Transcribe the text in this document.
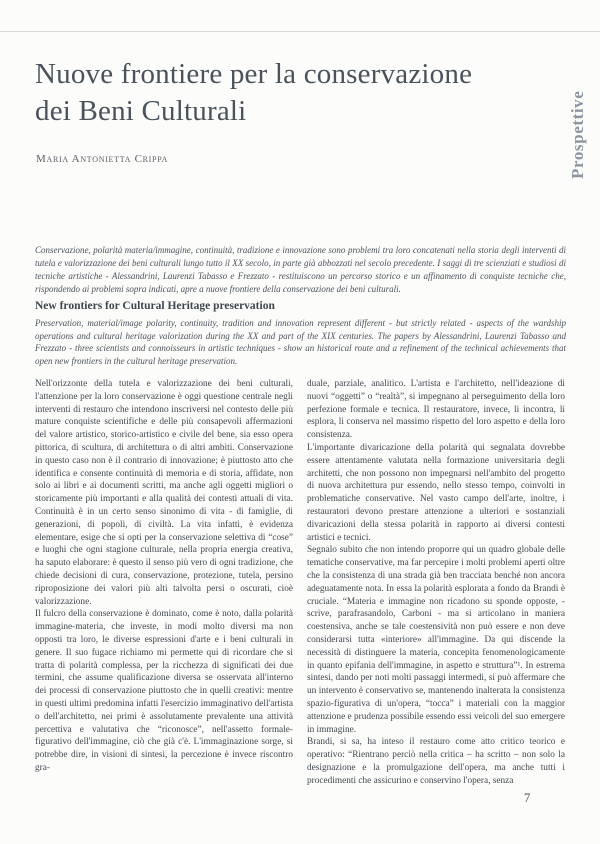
Prospettive
Nuove frontiere per la conservazione
dei Beni Culturali
Maria Antonietta Crippa
Conservazione, polarità materia/immagine, continuità, tradizione e innovazione sono problemi tra loro concatenati nella storia degli interventi di tutela e valorizzazione dei beni culturali lungo tutto il XX secolo, in parte già abbozzati nel secolo precedente. I saggi di tre scienziati e studiosi di tecniche artistiche - Alessandrini, Laurenzi Tabasso e Frezzato - restituiscono un percorso storico e un affinamento di conquiste tecniche che, rispondendo ai problemi sopra indicati, apre a nuove frontiere della conservazione dei beni culturali.
New frontiers for Cultural Heritage preservation
Preservation, material/image polarity, continuity, tradition and innovation represent different - but strictly related - aspects of the wardship operations and cultural heritage valorization during the XX and part of the XIX centuries. The papers by Alessandrini, Laurenzi Tabasso and Frezzato - three scientists and connoisseurs in artistic techniques - show an historical route and a refinement of the technical achievements that open new frontiers in the cultural heritage preservation.

Nell'orizzonte della tutela e valorizzazione dei beni culturali, l'attenzione per la loro conservazione è oggi questione centrale negli interventi di restauro che intendono inscriversi nel contesto delle più mature conquiste scientifiche e delle più consapevoli affermazioni del valore artistico, storico-artistico e civile del bene, sia esso opera pittorica, di scultura, di architettura o di altri ambiti. Conservazione in questo caso non è il contrario di innovazione; è piuttosto atto che identifica e consente continuità di memoria e di storia, affidate, non solo ai libri e ai documenti scritti, ma anche agli oggetti migliori o storicamente più importanti e alla qualità dei contesti attuali di vita. Continuità è in un certo senso sinonimo di vita - di famiglie, di generazioni, di popoli, di civiltà. La vita infatti, è evidenza elementare, esige che si opti per la conservazione selettiva di “cose” e luoghi che ogni stagione culturale, nella propria energia creativa, ha saputo elaborare: è questo il senso più vero di ogni tradizione, che chiede decisioni di cura, conservazione, protezione, tutela, persino riproposizione dei valori più alti talvolta persi o oscurati, cioè valorizzazione.

Il fulcro della conservazione è dominato, come è noto, dalla polarità immagine-materia, che investe, in modi molto diversi ma non opposti tra loro, le diverse espressioni d'arte e i beni culturali in genere. Il suo fugace richiamo mi permette qui di ricordare che si tratta di polarità complessa, per la ricchezza di significati dei due termini, che assume qualificazione diversa se osservata all'interno dei processi di conservazione piuttosto che in quelli creativi: mentre in questi ultimi predomina infatti l'esercizio immaginativo dell'artista o dell'architetto, nei primi è assolutamente prevalente una attività percettiva e valutativa che “riconosce”, nell'assetto formale-figurativo dell'immagine, ciò che già c'è. L'immaginazione sorge, si potrebbe dire, in visioni di sintesi, la percezione è invece riscontro gra-

duale, parziale, analitico. L'artista e l'architetto, nell'ideazione di nuovi “oggetti” o “realtà”, si impegnano al perseguimento della loro perfezione formale e tecnica. Il restauratore, invece, li incontra, li esplora, li conserva nel massimo rispetto del loro aspetto e della loro consistenza.

L'importante divaricazione della polarità qui segnalata dovrebbe essere attentamente valutata nella formazione universitaria degli architetti, che non possono non impegnarsi nell'ambito del progetto di nuova architettura pur essendo, nello stesso tempo, coinvolti in problematiche conservative. Nel vasto campo dell'arte, inoltre, i restauratori devono prestare attenzione a ulteriori e sostanziali divaricazioni della stessa polarità in rapporto ai diversi contesti artistici e tecnici.

Segnalo subito che non intendo proporre qui un quadro globale delle tematiche conservative, ma far percepire i molti problemi aperti oltre che la consistenza di una strada già ben tracciata benché non ancora adeguatamente nota. In essa la polarità esplorata a fondo da Brandi è cruciale. “Materia e immagine non ricadono su sponde opposte, - scrive, parafrasandolo, Carboni - ma si articolano in maniera coestensiva, anche se tale coestensività non può essere e non deve considerarsi tutta «interiore» all'immagine. Da qui discende la necessità di distinguere la materia, concepita fenomenologicamente in quanto epifania dell'immagine, in aspetto e struttura”¹. In estrema sintesi, dando per noti molti passaggi intermedi, si può affermare che un intervento è conservativo se, mantenendo inalterata la consistenza spazio-figurativa di un'opera, “tocca” i materiali con la maggior attenzione e prudenza possibile essendo essi veicoli del suo emergere in immagine.

Brandi, si sa, ha inteso il restauro come atto critico teorico e operativo: “Rientrano perciò nella critica – ha scritto – non solo la designazione e la promulgazione dell'opera, ma anche tutti i procedimenti che assicurino e conservino l'opera, senza

7
